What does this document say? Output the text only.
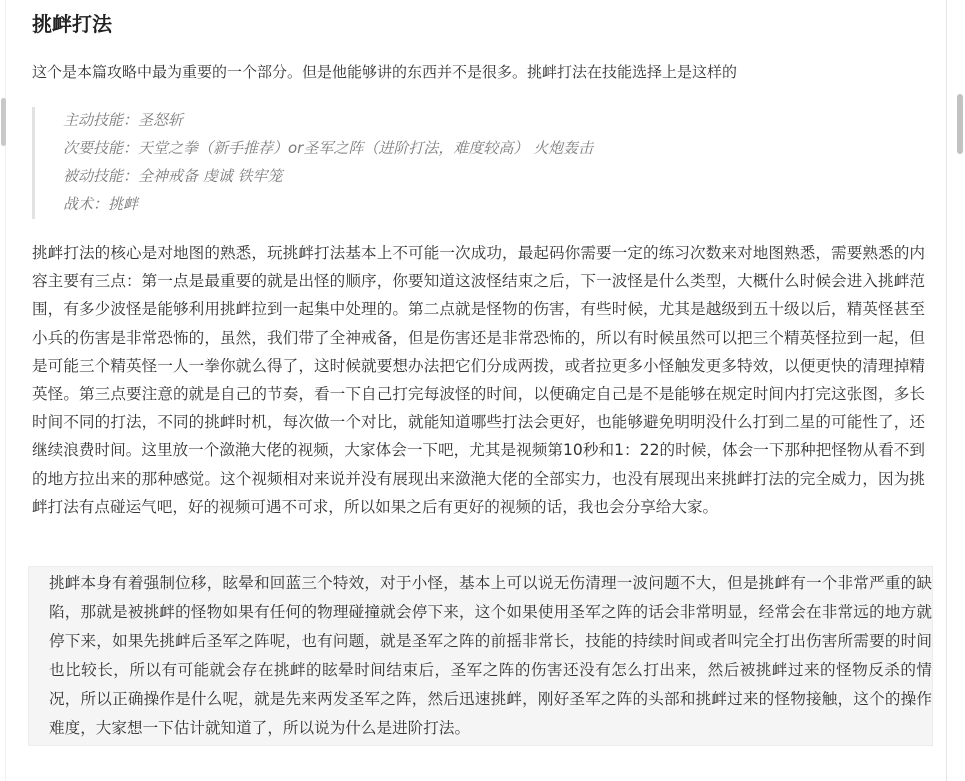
挑衅打法

这个是本篇攻略中最为重要的一个部分。但是他能够讲的东西并不是很多。挑衅打法在技能选择上是这样的

主动技能：圣怒斩
次要技能：天堂之拳（新手推荐）or圣军之阵（进阶打法，难度较高） 火炮轰击
被动技能：全神戒备 虔诚 铁牢笼
战术：挑衅

挑衅打法的核心是对地图的熟悉，玩挑衅打法基本上不可能一次成功，最起码你需要一定的练习次数来对地图熟悉，需要熟悉的内容主要有三点：第一点是最重要的就是出怪的顺序，你要知道这波怪结束之后，下一波怪是什么类型，大概什么时候会进入挑衅范围，有多少波怪是能够利用挑衅拉到一起集中处理的。第二点就是怪物的伤害，有些时候，尤其是越级到五十级以后，精英怪甚至小兵的伤害是非常恐怖的，虽然，我们带了全神戒备，但是伤害还是非常恐怖的，所以有时候虽然可以把三个精英怪拉到一起，但是可能三个精英怪一人一拳你就么得了，这时候就要想办法把它们分成两拨，或者拉更多小怪触发更多特效，以便更快的清理掉精英怪。第三点要注意的就是自己的节奏，看一下自己打完每波怪的时间，以便确定自己是不是能够在规定时间内打完这张图，多长时间不同的打法，不同的挑衅时机，每次做一个对比，就能知道哪些打法会更好，也能够避免明明没什么打到二星的可能性了，还继续浪费时间。这里放一个潋滟大佬的视频，大家体会一下吧，尤其是视频第10秒和1：22的时候，体会一下那种把怪物从看不到的地方拉出来的那种感觉。这个视频相对来说并没有展现出来潋滟大佬的全部实力，也没有展现出来挑衅打法的完全威力，因为挑衅打法有点碰运气吧，好的视频可遇不可求，所以如果之后有更好的视频的话，我也会分享给大家。

挑衅本身有着强制位移，眩晕和回蓝三个特效，对于小怪，基本上可以说无伤清理一波问题不大，但是挑衅有一个非常严重的缺陷，那就是被挑衅的怪物如果有任何的物理碰撞就会停下来，这个如果使用圣军之阵的话会非常明显，经常会在非常远的地方就停下来，如果先挑衅后圣军之阵呢，也有问题，就是圣军之阵的前摇非常长，技能的持续时间或者叫完全打出伤害所需要的时间也比较长，所以有可能就会存在挑衅的眩晕时间结束后，圣军之阵的伤害还没有怎么打出来，然后被挑衅过来的怪物反杀的情况，所以正确操作是什么呢，就是先来两发圣军之阵，然后迅速挑衅，刚好圣军之阵的头部和挑衅过来的怪物接触，这个的操作难度，大家想一下估计就知道了，所以说为什么是进阶打法。
